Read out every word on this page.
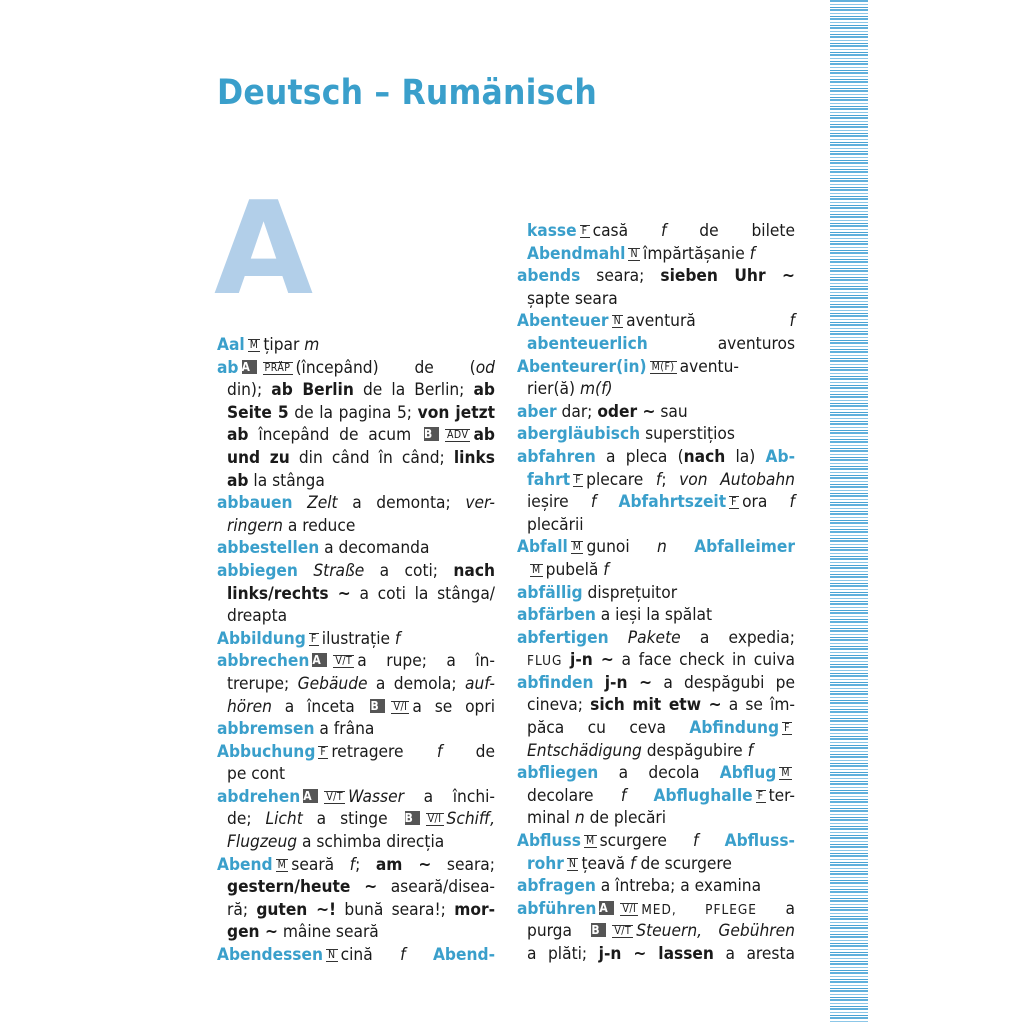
Deutsch – Rumänisch
A
Aal M țipar m
ab A PRÄP (începând) de (od
din); ab Berlin de la Berlin; ab
Seite 5 de la pagina 5; von jetzt
ab începând de acum B ADV ab
und zu din când în când; links
ab la stânga
abbauen Zelt a demonta; ver-
ringern a reduce
abbestellen a decomanda
abbiegen Straße a coti; nach
links/rechts ~ a coti la stânga/
dreapta
Abbildung F ilustrație f
abbrechen A V/T a rupe; a în-
trerupe; Gebäude a demola; auf-
hören a înceta B V/I a se opri
abbremsen a frâna
Abbuchung F retragere f de
pe cont
abdrehen A V/T Wasser a închi-
de; Licht a stinge B V/I Schiff,
Flugzeug a schimba direcția
Abend M seară f; am ~ seara;
gestern/heute ~ aseară/disea-
ră; guten ~! bună seara!; mor-
gen ~ mâine seară
Abendessen N cină f Abend-
kasse F casă f de bilete
Abendmahl N împărtășanie f
abends seara; sieben Uhr ~
șapte seara
Abenteuer N aventură f
abenteuerlich aventuros
Abenteurer(in) M(F) aventu-
rier(ă) m(f)
aber dar; oder ~ sau
abergläubisch superstițios
abfahren a pleca (nach la) Ab-
fahrt F plecare f; von Autobahn
ieșire f Abfahrtszeit F ora f
plecării
Abfall M gunoi n Abfalleimer
M pubelă f
abfällig disprețuitor
abfärben a ieși la spălat
abfertigen Pakete a expedia;
FLUG j-n ~ a face check in cuiva
abfinden j-n ~ a despăgubi pe
cineva; sich mit etw ~ a se îm-
păca cu ceva Abfindung F
Entschädigung despăgubire f
abfliegen a decola Abflug M
decolare f Abflughalle F ter-
minal n de plecări
Abfluss M scurgere f Abfluss-
rohr N țeavă f de scurgere
abfragen a întreba; a examina
abführen A V/I MED, PFLEGE a
purga B V/T Steuern, Gebühren
a plăti; j-n ~ lassen a aresta
